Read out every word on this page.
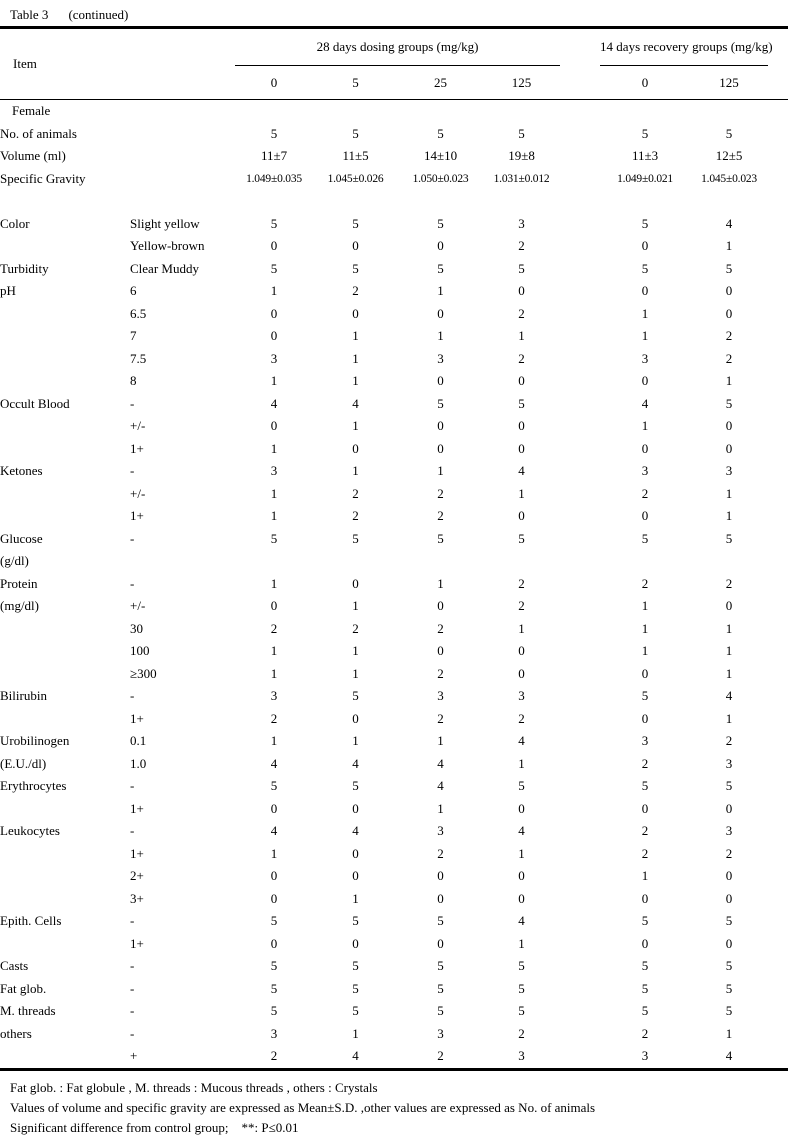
Table 3 (continued)
Item		28 days dosing groups (mg/kg)					14 days recovery groups (mg/kg)		
		0	5	25	125		0	125	
Female									
No. of animals		5	5	5	5		5	5	
Volume (ml)		11±7	11±5	14±10	19±8		11±3	12±5	
Specific Gravity		1.049±0.035	1.045±0.026	1.050±0.023	1.031±0.012		1.049±0.021	1.045±0.023	

Color	Slight yellow	5	5	5	3		5	4	
	Yellow-brown	0	0	0	2		0	1	
Turbidity	Clear Muddy	5	5	5	5		5	5	
pH	6	1	2	1	0		0	0	
	6.5	0	0	0	2		1	0	
	7	0	1	1	1		1	2	
	7.5	3	1	3	2		3	2	
	8	1	1	0	0		0	1	
Occult Blood	-	4	4	5	5		4	5	
	+/-	0	1	0	0		1	0	
	1+	1	0	0	0		0	0	
Ketones	-	3	1	1	4		3	3	
	+/-	1	2	2	1		2	1	
	1+	1	2	2	0		0	1	
Glucose	-	5	5	5	5		5	5	
(g/dl)									
Protein	-	1	0	1	2		2	2	
(mg/dl)	+/-	0	1	0	2		1	0	
	30	2	2	2	1		1	1	
	100	1	1	0	0		1	1	
	≥300	1	1	2	0		0	1	
Bilirubin	-	3	5	3	3		5	4	
	1+	2	0	2	2		0	1	
Urobilinogen	0.1	1	1	1	4		3	2	
(E.U./dl)	1.0	4	4	4	1		2	3	
Erythrocytes	-	5	5	4	5		5	5	
	1+	0	0	1	0		0	0	
Leukocytes	-	4	4	3	4		2	3	
	1+	1	0	2	1		2	2	
	2+	0	0	0	0		1	0	
	3+	0	1	0	0		0	0	
Epith. Cells	-	5	5	5	4		5	5	
	1+	0	0	0	1		0	0	
Casts	-	5	5	5	5		5	5	
Fat glob.	-	5	5	5	5		5	5	
M. threads	-	5	5	5	5		5	5	
others	-	3	1	3	2		2	1	
	+	2	4	2	3		3	4	
Fat glob. : Fat globule , M. threads : Mucous threads , others : Crystals
Values of volume and specific gravity are expressed as Mean±S.D. ,other values are expressed as No. of animals
Significant difference from control group;    **: P≤0.01
